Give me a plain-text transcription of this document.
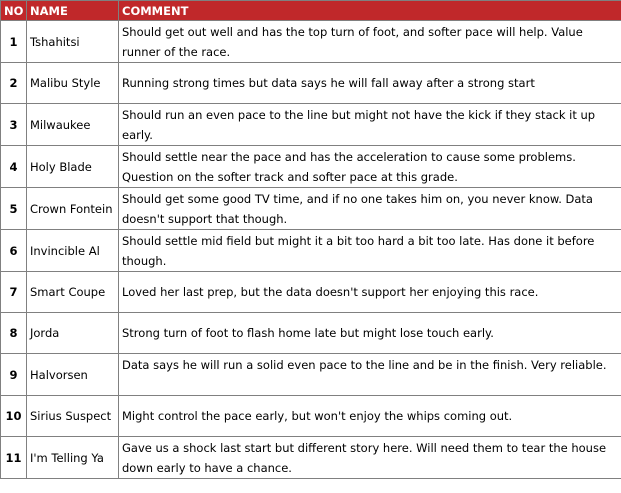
NO	NAME	COMMENT
1	Tshahitsi	Should get out well and has the top turn of foot, and softer pace will help. Value runner of the race.
2	Malibu Style	Running strong times but data says he will fall away after a strong start
3	Milwaukee	Should run an even pace to the line but might not have the kick if they stack it up early.
4	Holy Blade	Should settle near the pace and has the acceleration to cause some problems. Question on the softer track and softer pace at this grade.
5	Crown Fontein	Should get some good TV time, and if no one takes him on, you never know. Data doesn't support that though.
6	Invincible Al	Should settle mid field but might it a bit too hard a bit too late. Has done it before though.
7	Smart Coupe	Loved her last prep, but the data doesn't support her enjoying this race.
8	Jorda	Strong turn of foot to flash home late but might lose touch early.
9	Halvorsen	Data says he will run a solid even pace to the line and be in the finish. Very reliable.
10	Sirius Suspect	Might control the pace early, but won't enjoy the whips coming out.
11	I'm Telling Ya	Gave us a shock last start but different story here. Will need them to tear the house down early to have a chance.
